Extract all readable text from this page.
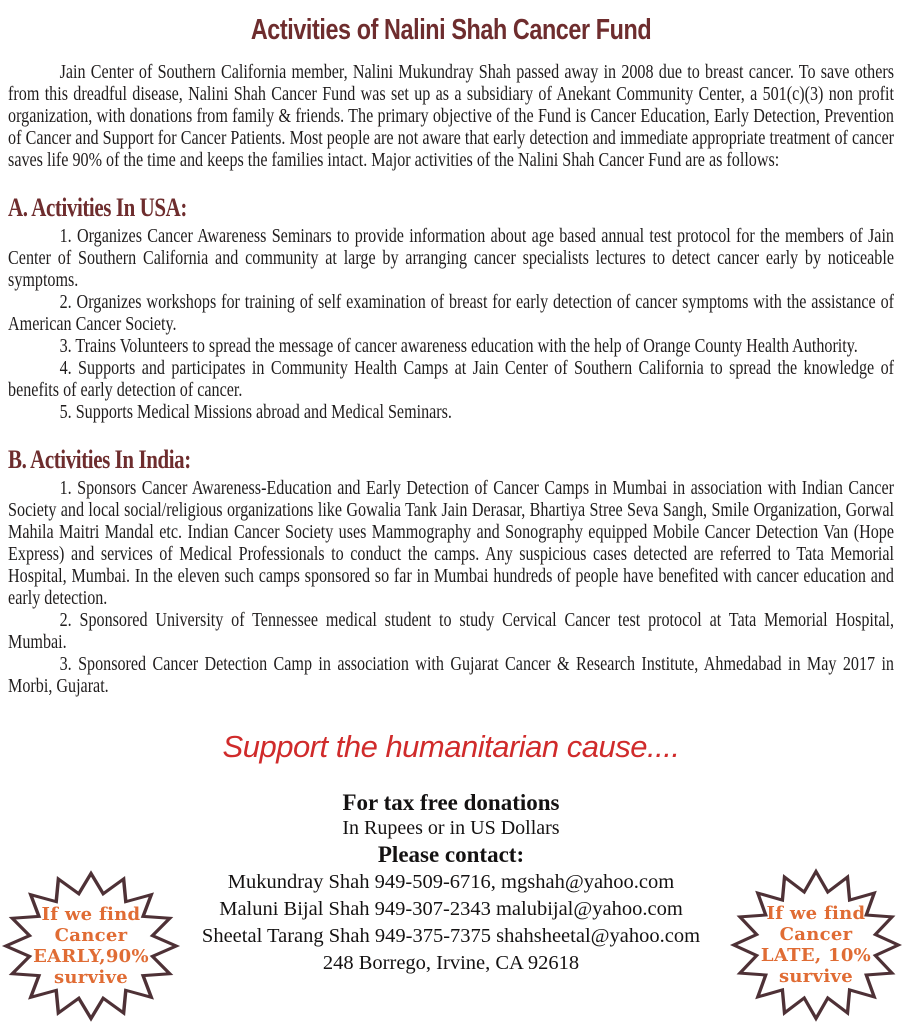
Activities of Nalini Shah Cancer Fund

Jain Center of Southern California member, Nalini Mukundray Shah passed away in 2008 due to breast cancer. To save others from this dreadful disease, Nalini Shah Cancer Fund was set up as a subsidiary of Anekant Community Center, a 501(c)(3) non profit organization, with donations from family & friends. The primary objective of the Fund is Cancer Education, Early Detection, Prevention of Cancer and Support for Cancer Patients. Most people are not aware that early detection and immediate appropriate treatment of cancer saves life 90% of the time and keeps the families intact. Major activities of the Nalini Shah Cancer Fund are as follows:

A. Activities In USA:

1. Organizes Cancer Awareness Seminars to provide information about age based annual test protocol for the members of Jain Center of Southern California and community at large by arranging cancer specialists lectures to detect cancer early by noticeable symptoms.

2. Organizes workshops for training of self examination of breast for early detection of cancer symptoms with the assistance of American Cancer Society.

3. Trains Volunteers to spread the message of cancer awareness education with the help of Orange County Health Authority.

4. Supports and participates in Community Health Camps at Jain Center of Southern California to spread the knowledge of benefits of early detection of cancer.

5. Supports Medical Missions abroad and Medical Seminars.

B. Activities In India:

1. Sponsors Cancer Awareness-Education and Early Detection of Cancer Camps in Mumbai in association with Indian Cancer Society and local social/religious organizations like Gowalia Tank Jain Derasar, Bhartiya Stree Seva Sangh, Smile Organization, Gorwal Mahila Maitri Mandal etc. Indian Cancer Society uses Mammography and Sonography equipped Mobile Cancer Detection Van (Hope Express) and services of Medical Professionals to conduct the camps. Any suspicious cases detected are referred to Tata Memorial Hospital, Mumbai. In the eleven such camps sponsored so far in Mumbai hundreds of people have benefited with cancer education and early detection.

2. Sponsored University of Tennessee medical student to study Cervical Cancer test protocol at Tata Memorial Hospital, Mumbai.

3. Sponsored Cancer Detection Camp in association with Gujarat Cancer & Research Institute, Ahmedabad in May 2017 in Morbi, Gujarat.

Support the humanitarian cause....
For tax free donations
In Rupees or in US Dollars
Please contact:
Mukundray Shah 949-509-6716, mgshah@yahoo.com
Maluni Bijal Shah 949-307-2343 malubijal@yahoo.com
Sheetal Tarang Shah 949-375-7375 shahsheetal@yahoo.com
248 Borrego, Irvine, CA 92618
If we find
Cancer
EARLY,90%
survive
If we find
Cancer
LATE, 10%
survive
